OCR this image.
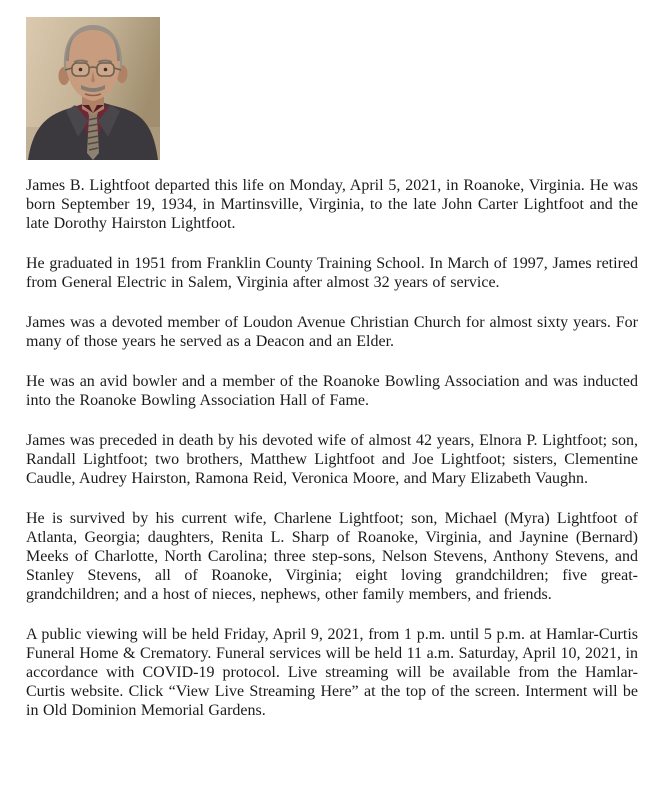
James B. Lightfoot departed this life on Monday, April 5, 2021, in Roanoke, Virginia. He was born September 19, 1934, in Martinsville, Virginia, to the late John Carter Lightfoot and the late Dorothy Hairston Lightfoot.

He graduated in 1951 from Franklin County Training School. In March of 1997, James retired from General Electric in Salem, Virginia after almost 32 years of service.

James was a devoted member of Loudon Avenue Christian Church for almost sixty years. For many of those years he served as a Deacon and an Elder.

He was an avid bowler and a member of the Roanoke Bowling Association and was inducted into the Roanoke Bowling Association Hall of Fame.

James was preceded in death by his devoted wife of almost 42 years, Elnora P. Lightfoot; son, Randall Lightfoot; two brothers, Matthew Lightfoot and Joe Lightfoot; sisters, Clementine Caudle, Audrey Hairston, Ramona Reid, Veronica Moore, and Mary Elizabeth Vaughn.

He is survived by his current wife, Charlene Lightfoot; son, Michael (Myra) Lightfoot of Atlanta, Georgia; daughters, Renita L. Sharp of Roanoke, Virginia, and Jaynine (Bernard) Meeks of Charlotte, North Carolina; three step-sons, Nelson Stevens, Anthony Stevens, and Stanley Stevens, all of Roanoke, Virginia; eight loving grandchildren; five great-grandchildren; and a host of nieces, nephews, other family members, and friends.

A public viewing will be held Friday, April 9, 2021, from 1 p.m. until 5 p.m. at Hamlar-Curtis Funeral Home & Crematory. Funeral services will be held 11 a.m. Saturday, April 10, 2021, in accordance with COVID-19 protocol. Live streaming will be available from the Hamlar-Curtis website. Click “View Live Streaming Here” at the top of the screen. Interment will be in Old Dominion Memorial Gardens.
